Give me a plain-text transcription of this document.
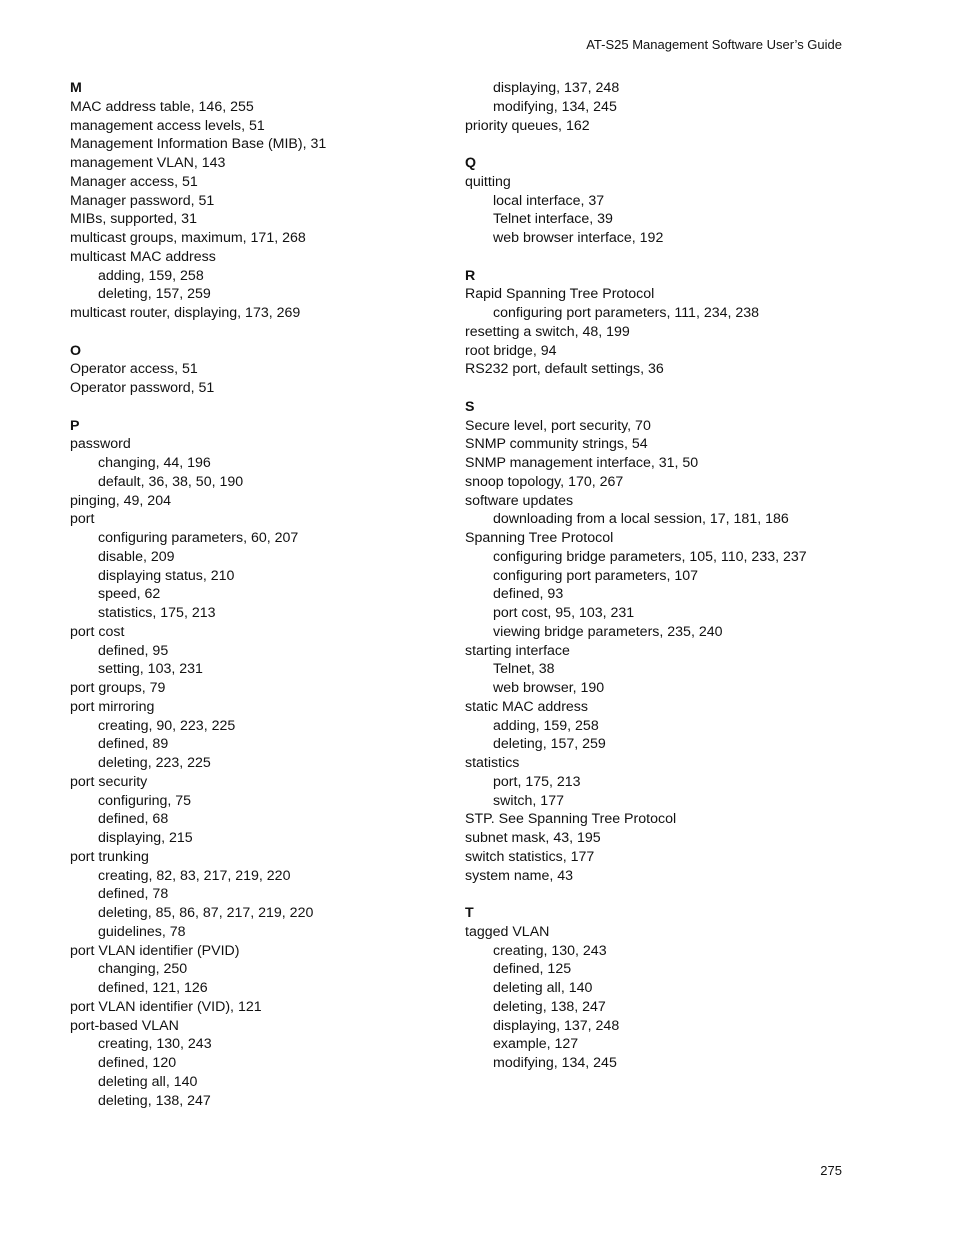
AT-S25 Management Software User’s Guide
M
MAC address table, 146, 255
management access levels, 51
Management Information Base (MIB), 31
management VLAN, 143
Manager access, 51
Manager password, 51
MIBs, supported, 31
multicast groups, maximum, 171, 268
multicast MAC address
adding, 159, 258
deleting, 157, 259
multicast router, displaying, 173, 269
O
Operator access, 51
Operator password, 51
P
password
changing, 44, 196
default, 36, 38, 50, 190
pinging, 49, 204
port
configuring parameters, 60, 207
disable, 209
displaying status, 210
speed, 62
statistics, 175, 213
port cost
defined, 95
setting, 103, 231
port groups, 79
port mirroring
creating, 90, 223, 225
defined, 89
deleting, 223, 225
port security
configuring, 75
defined, 68
displaying, 215
port trunking
creating, 82, 83, 217, 219, 220
defined, 78
deleting, 85, 86, 87, 217, 219, 220
guidelines, 78
port VLAN identifier (PVID)
changing, 250
defined, 121, 126
port VLAN identifier (VID), 121
port-based VLAN
creating, 130, 243
defined, 120
deleting all, 140
deleting, 138, 247
displaying, 137, 248
modifying, 134, 245
priority queues, 162
Q
quitting
local interface, 37
Telnet interface, 39
web browser interface, 192
R
Rapid Spanning Tree Protocol
configuring port parameters, 111, 234, 238
resetting a switch, 48, 199
root bridge, 94
RS232 port, default settings, 36
S
Secure level, port security, 70
SNMP community strings, 54
SNMP management interface, 31, 50
snoop topology, 170, 267
software updates
downloading from a local session, 17, 181, 186
Spanning Tree Protocol
configuring bridge parameters, 105, 110, 233, 237
configuring port parameters, 107
defined, 93
port cost, 95, 103, 231
viewing bridge parameters, 235, 240
starting interface
Telnet, 38
web browser, 190
static MAC address
adding, 159, 258
deleting, 157, 259
statistics
port, 175, 213
switch, 177
STP. See Spanning Tree Protocol
subnet mask, 43, 195
switch statistics, 177
system name, 43
T
tagged VLAN
creating, 130, 243
defined, 125
deleting all, 140
deleting, 138, 247
displaying, 137, 248
example, 127
modifying, 134, 245
275
